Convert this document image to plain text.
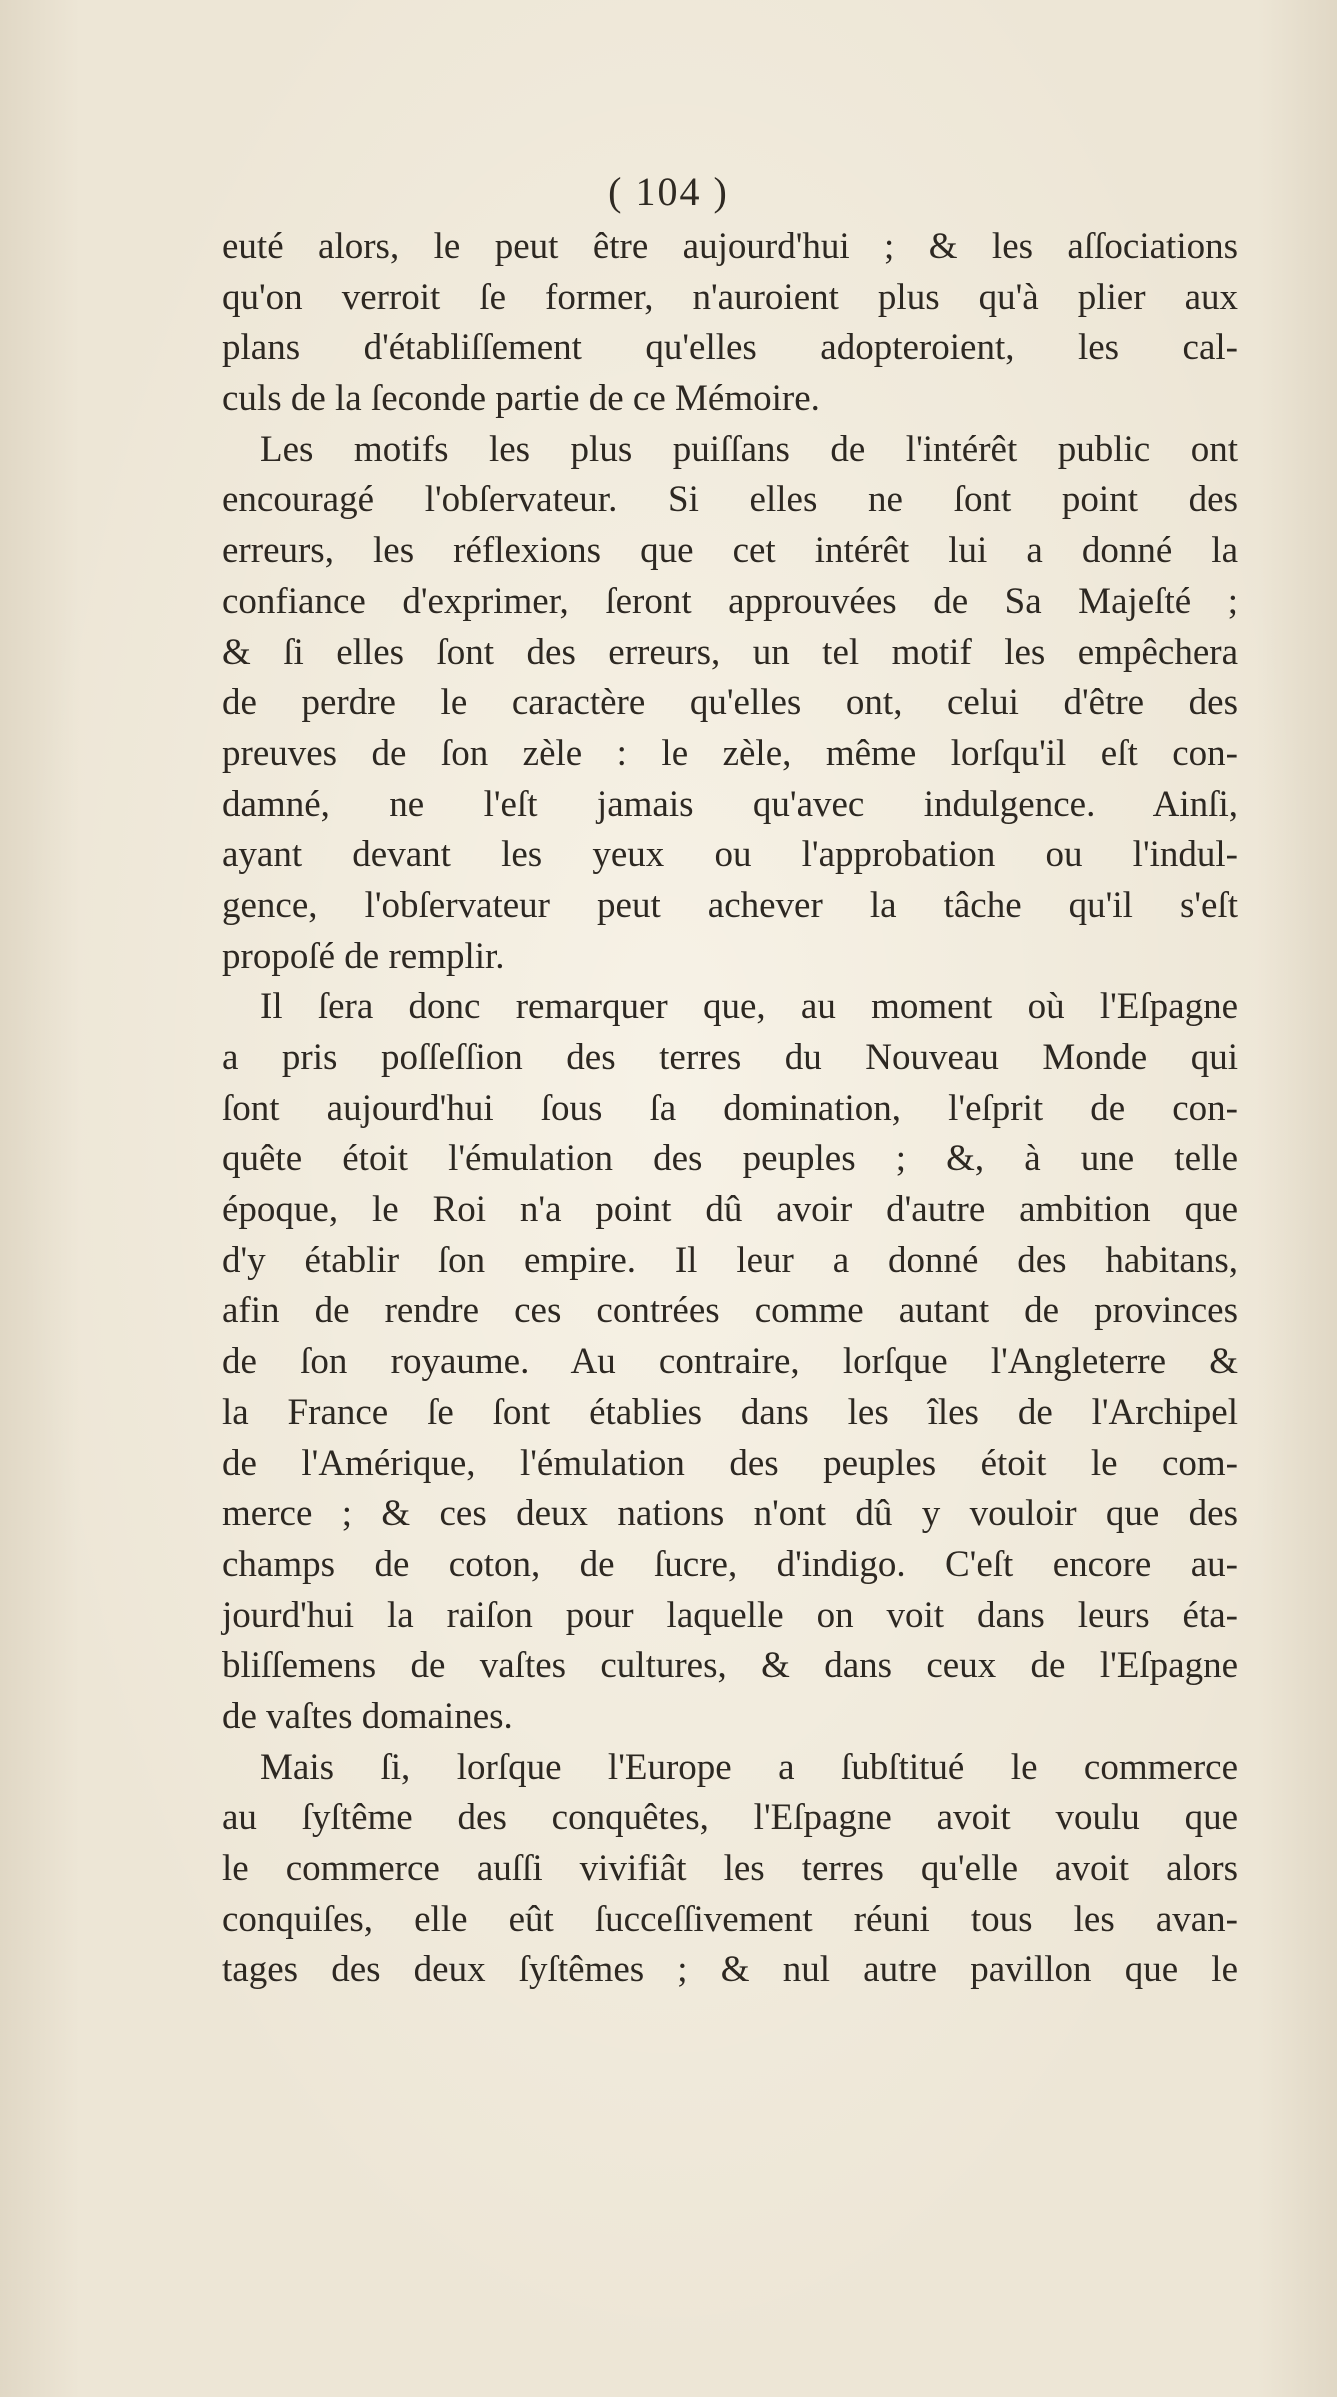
( 104 )
euté alors, le peut être aujourd'hui ; & les aſſociations
qu'on verroit ſe former, n'auroient plus qu'à plier aux
plans d'établiſſement qu'elles adopteroient, les cal-
culs de la ſeconde partie de ce Mémoire.
Les motifs les plus puiſſans de l'intérêt public ont
encouragé l'obſervateur. Si elles ne ſont point des
erreurs, les réflexions que cet intérêt lui a donné la
confiance d'exprimer, ſeront approuvées de Sa Majeſté ;
& ſi elles ſont des erreurs, un tel motif les empêchera
de perdre le caractère qu'elles ont, celui d'être des
preuves de ſon zèle : le zèle, même lorſqu'il eſt con-
damné, ne l'eſt jamais qu'avec indulgence. Ainſi,
ayant devant les yeux ou l'approbation ou l'indul-
gence, l'obſervateur peut achever la tâche qu'il s'eſt
propoſé de remplir.
Il ſera donc remarquer que, au moment où l'Eſpagne
a pris poſſeſſion des terres du Nouveau Monde qui
ſont aujourd'hui ſous ſa domination, l'eſprit de con-
quête étoit l'émulation des peuples ; &, à une telle
époque, le Roi n'a point dû avoir d'autre ambition que
d'y établir ſon empire. Il leur a donné des habitans,
afin de rendre ces contrées comme autant de provinces
de ſon royaume. Au contraire, lorſque l'Angleterre &
la France ſe ſont établies dans les îles de l'Archipel
de l'Amérique, l'émulation des peuples étoit le com-
merce ; & ces deux nations n'ont dû y vouloir que des
champs de coton, de ſucre, d'indigo. C'eſt encore au-
jourd'hui la raiſon pour laquelle on voit dans leurs éta-
bliſſemens de vaſtes cultures, & dans ceux de l'Eſpagne
de vaſtes domaines.
Mais ſi, lorſque l'Europe a ſubſtitué le commerce
au ſyſtême des conquêtes, l'Eſpagne avoit voulu que
le commerce auſſi vivifiât les terres qu'elle avoit alors
conquiſes, elle eût ſucceſſivement réuni tous les avan-
tages des deux ſyſtêmes ; & nul autre pavillon que le
